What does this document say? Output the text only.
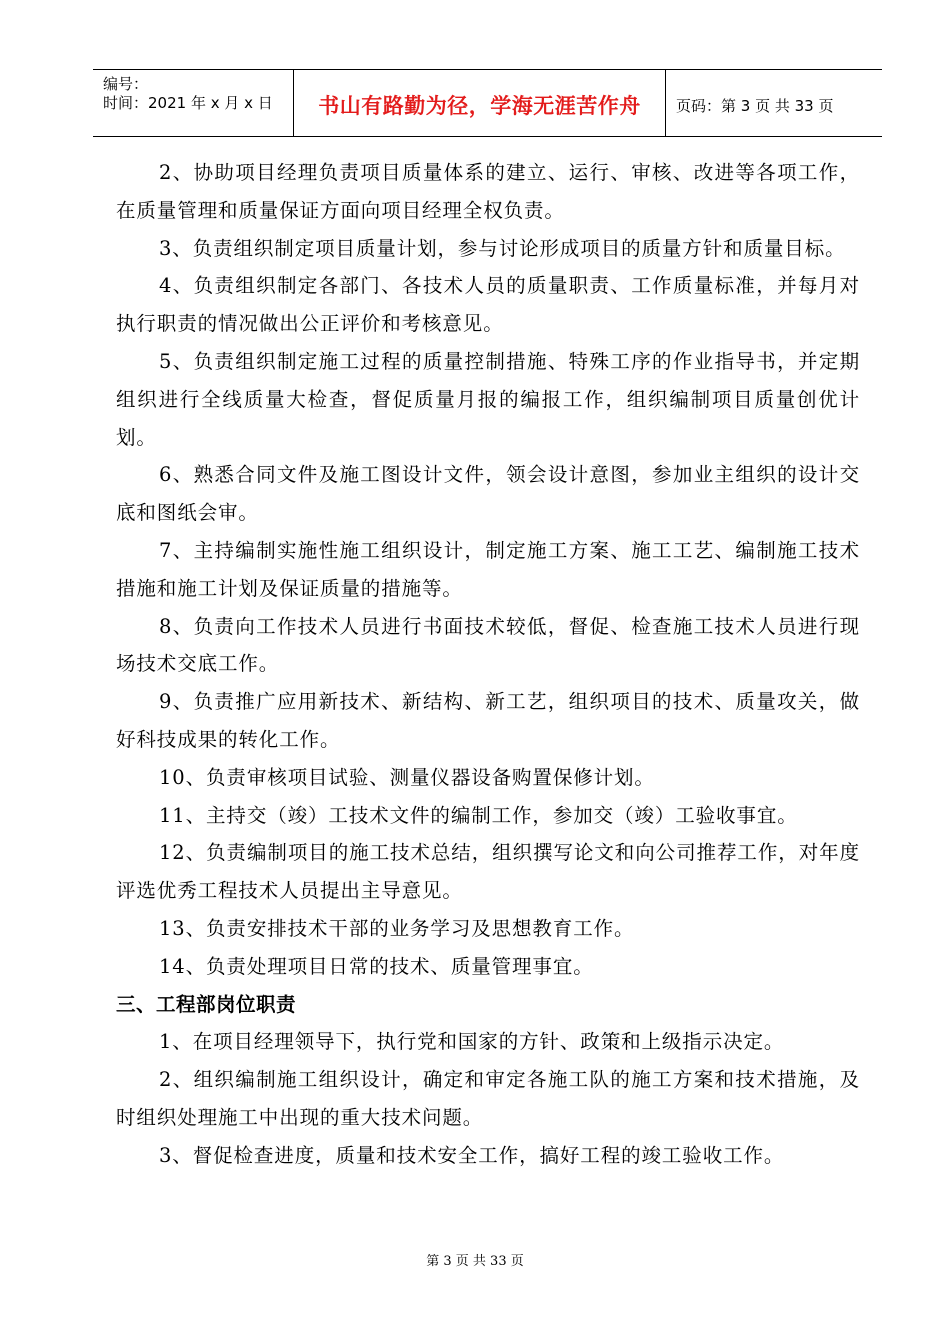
编号：
时间：2021 年 x 月 x 日	书山有路勤为径，学海无涯苦作舟	页码：第 3 页 共 33 页

2、协助项目经理负责项目质量体系的建立、运行、审核、改进等各项工作，在质量管理和质量保证方面向项目经理全权负责。

3、负责组织制定项目质量计划，参与讨论形成项目的质量方针和质量目标。

4、负责组织制定各部门、各技术人员的质量职责、工作质量标准，并每月对执行职责的情况做出公正评价和考核意见。

5、负责组织制定施工过程的质量控制措施、特殊工序的作业指导书，并定期组织进行全线质量大检查，督促质量月报的编报工作，组织编制项目质量创优计划。

6、熟悉合同文件及施工图设计文件，领会设计意图，参加业主组织的设计交底和图纸会审。

7、主持编制实施性施工组织设计，制定施工方案、施工工艺、编制施工技术措施和施工计划及保证质量的措施等。

8、负责向工作技术人员进行书面技术较低，督促、检查施工技术人员进行现场技术交底工作。

9、负责推广应用新技术、新结构、新工艺，组织项目的技术、质量攻关，做好科技成果的转化工作。

10、负责审核项目试验、测量仪器设备购置保修计划。

11、主持交（竣）工技术文件的编制工作，参加交（竣）工验收事宜。

12、负责编制项目的施工技术总结，组织撰写论文和向公司推荐工作，对年度评选优秀工程技术人员提出主导意见。

13、负责安排技术干部的业务学习及思想教育工作。

14、负责处理项目日常的技术、质量管理事宜。

三、工程部岗位职责

1、在项目经理领导下，执行党和国家的方针、政策和上级指示决定。

2、组织编制施工组织设计，确定和审定各施工队的施工方案和技术措施，及时组织处理施工中出现的重大技术问题。

3、督促检查进度，质量和技术安全工作，搞好工程的竣工验收工作。

第 3 页 共 33 页
